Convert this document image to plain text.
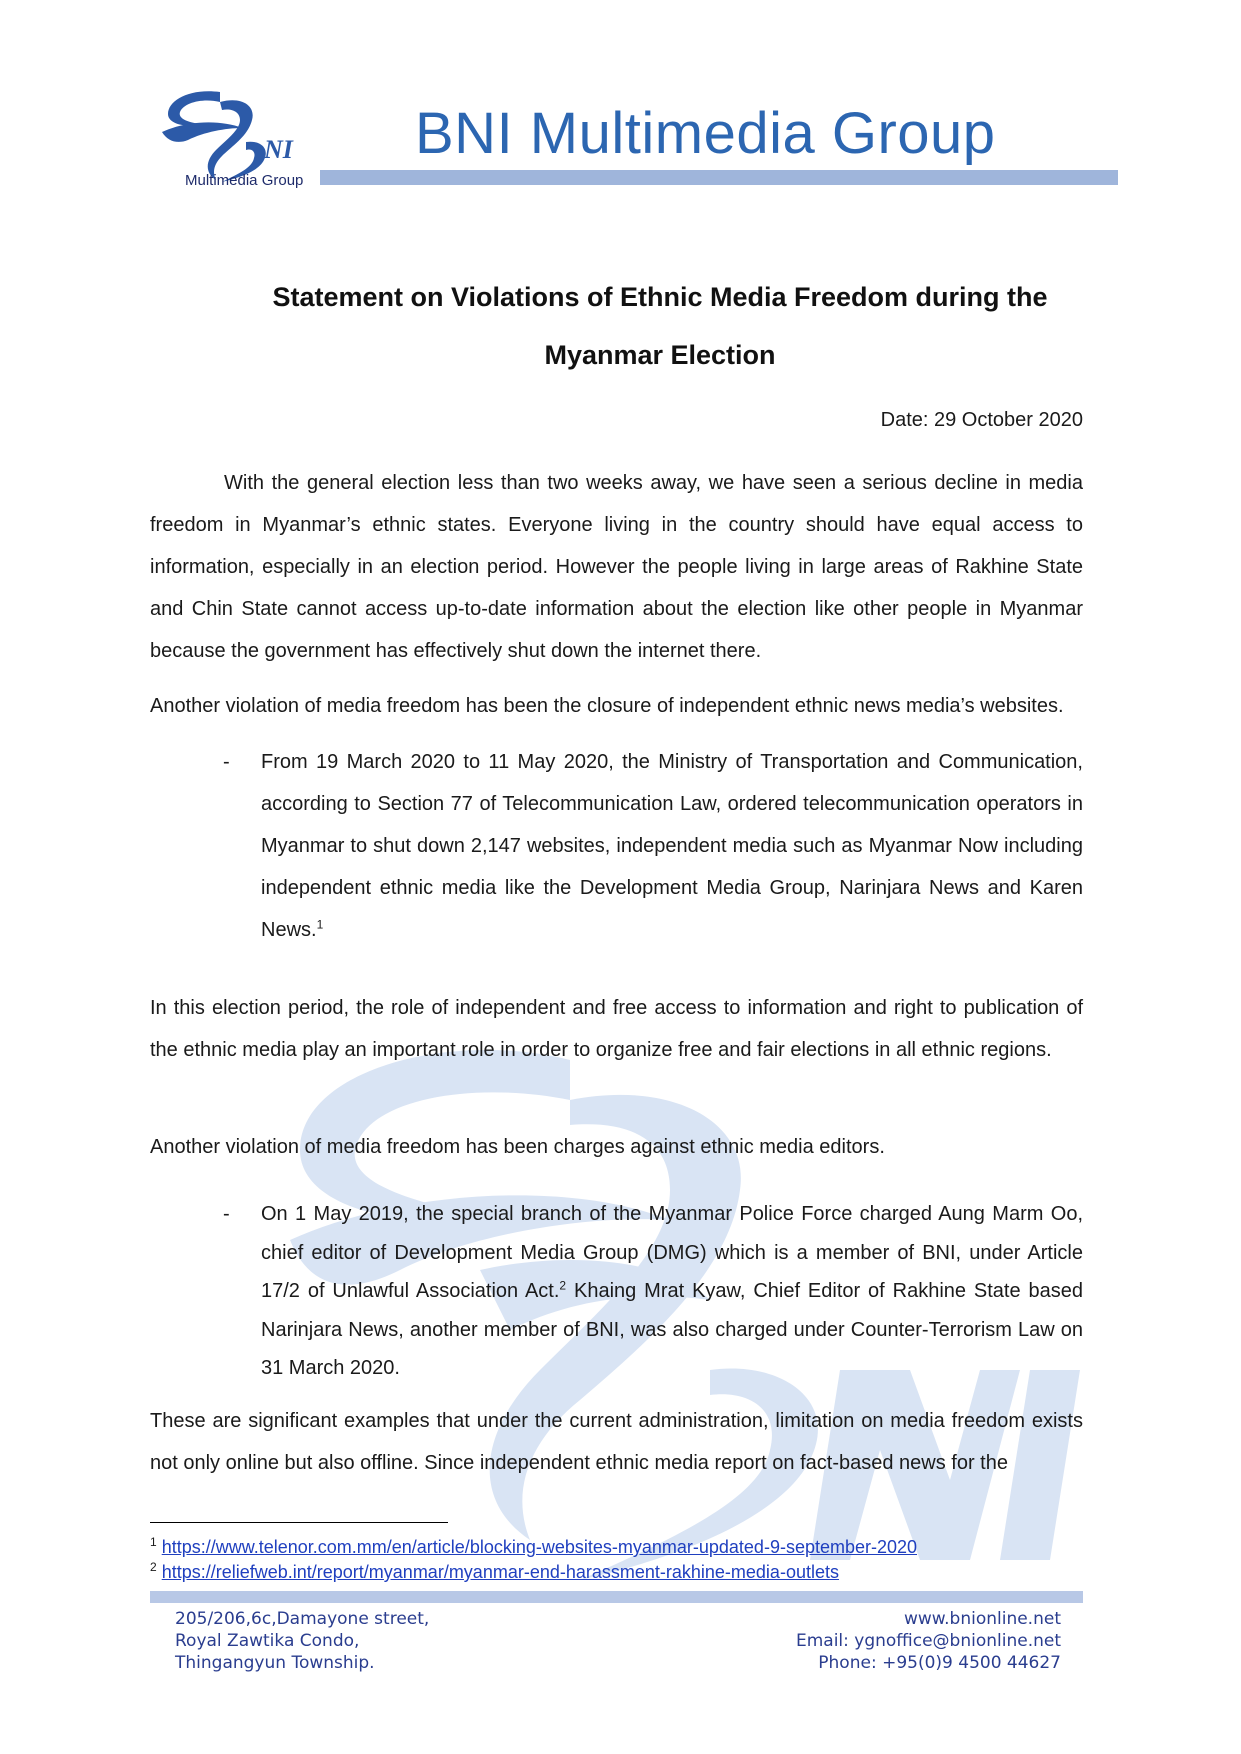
NI
Multimedia Group
BNI Multimedia Group
Statement on Violations of Ethnic Media Freedom during the
Myanmar Election
Date: 29 October 2020
With the general election less than two weeks away, we have seen a serious decline in media freedom in Myanmar’s ethnic states. Everyone living in the country should have equal access to information, especially in an election period. However the people living in large areas of Rakhine State and Chin State cannot access up-to-date information about the election like other people in Myanmar because the government has effectively shut down the internet there.
Another violation of media freedom has been the closure of independent ethnic news media’s websites.
- From 19 March 2020 to 11 May 2020, the Ministry of Transportation and Communication, according to Section 77 of Telecommunication Law, ordered telecommunication operators in Myanmar to shut down 2,147 websites, independent media such as Myanmar Now including independent ethnic media like the Development Media Group, Narinjara News and Karen News.$^1$
In this election period, the role of independent and free access to information and right to publication of the ethnic media play an important role in order to organize free and fair elections in all ethnic regions.
Another violation of media freedom has been charges against ethnic media editors.
- On 1 May 2019, the special branch of the Myanmar Police Force charged Aung Marm Oo, chief editor of Development Media Group (DMG) which is a member of BNI, under Article 17/2 of Unlawful Association Act.$^2$ Khaing Mrat Kyaw, Chief Editor of Rakhine State based Narinjara News, another member of BNI, was also charged under Counter-Terrorism Law on 31 March 2020.
These are significant examples that under the current administration, limitation on media freedom exists not only online but also offline. Since independent ethnic media report on fact-based news for the
$^1$ https://www.telenor.com.mm/en/article/blocking-websites-myanmar-updated-9-september-2020
$^2$ https://reliefweb.int/report/myanmar/myanmar-end-harassment-rakhine-media-outlets
205/206,6c,Damayone street,
Royal Zawtika Condo,
Thingangyun Township.
www.bnionline.net
Email: ygnoffice@bnionline.net
Phone: +95(0)9 4500 44627
